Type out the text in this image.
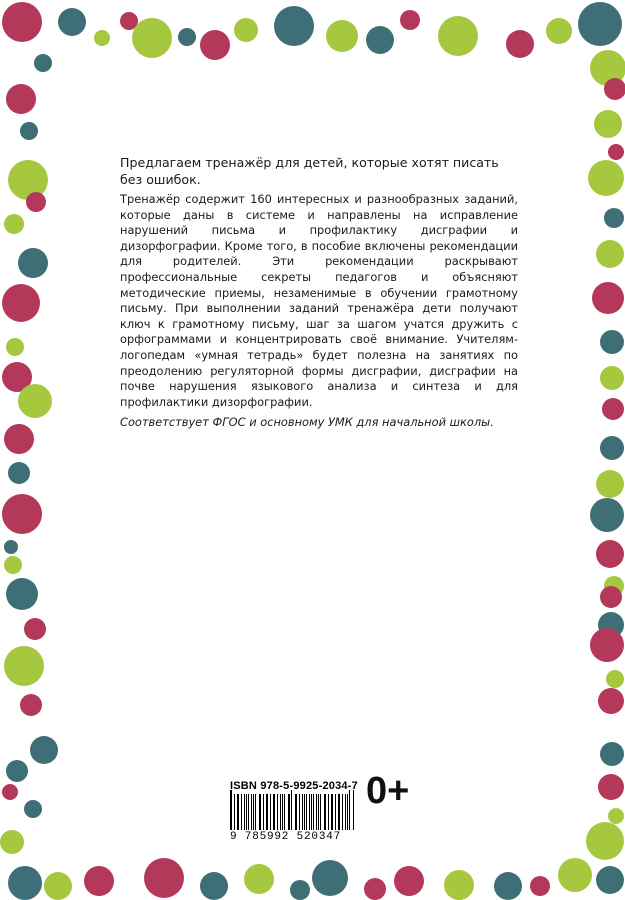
Предлагаем тренажёр для детей, которые хотят писать без ошибок.

Тренажёр содержит 160 интересных и разнообразных заданий, которые даны в системе и направлены на исправление нарушений письма и профилактику дисграфии и дизорфографии. Кроме того, в пособие включены рекомендации для родителей. Эти рекомендации раскрывают профессиональные секреты педагогов и объясняют методические приемы, незаменимые в обучении грамотному письму. При выполнении заданий тренажёра дети получают ключ к грамотному письму, шаг за шагом учатся дружить с орфограммами и концентрировать своё внимание. Учителям-логопедам «умная тетрадь» будет полезна на занятиях по преодолению регуляторной формы дисграфии, дисграфии на почве нарушения языкового анализа и синтеза и для профилактики дизорфографии.

Соответствует ФГОС и основному УМК для начальной школы.

ISBN 978-5-9925-2034-7
9 785992 520347
0+
